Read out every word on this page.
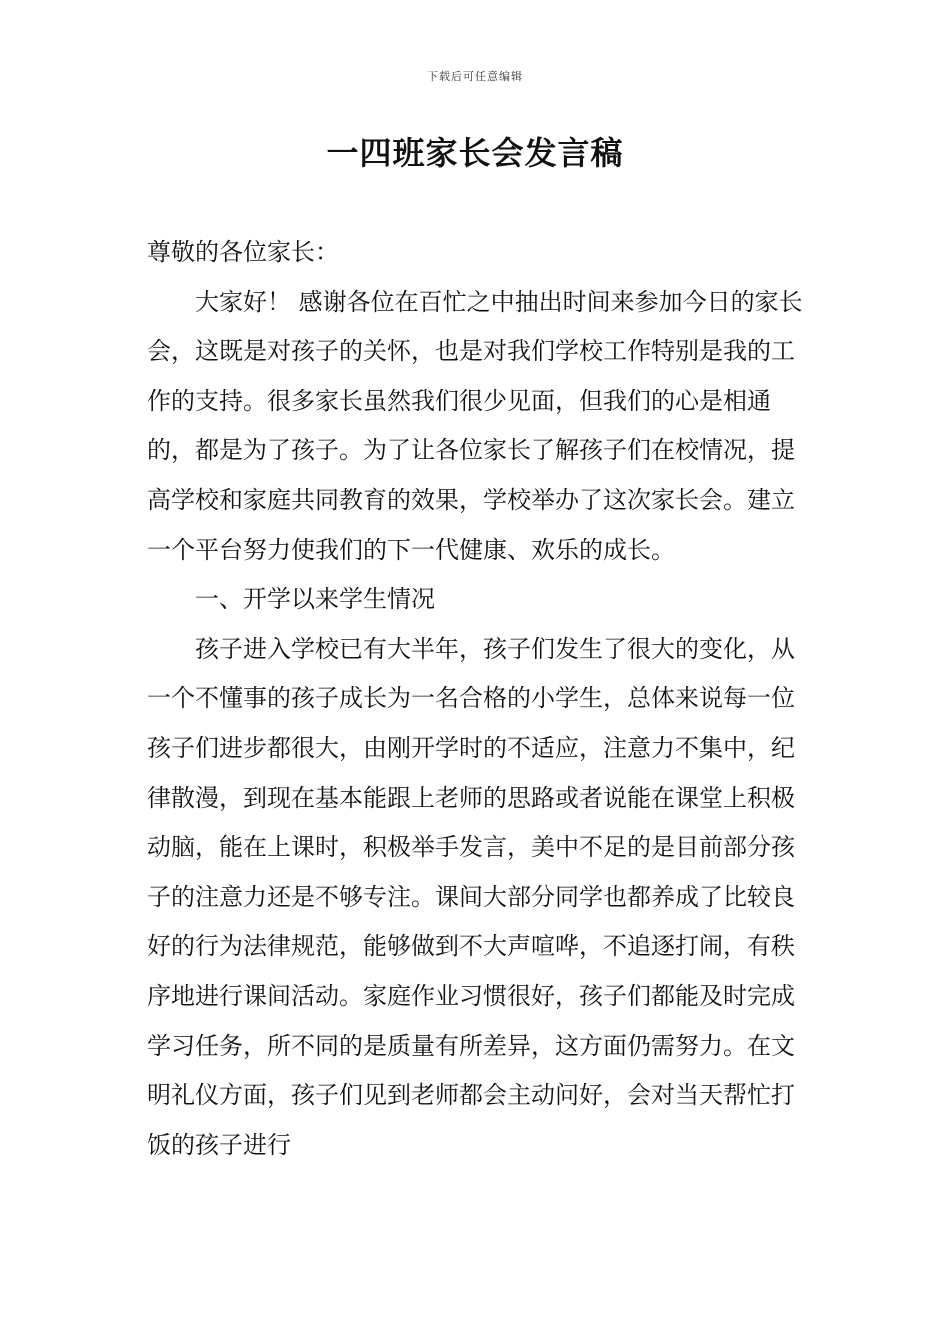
下载后可任意编辑
一四班家长会发言稿

尊敬的各位家长：

大家好！ 感谢各位在百忙之中抽出时间来参加今日的家长会，这既是对孩子的关怀，也是对我们学校工作特别是我的工作的支持。很多家长虽然我们很少见面，但我们的心是相通的，都是为了孩子。为了让各位家长了解孩子们在校情况，提高学校和家庭共同教育的效果，学校举办了这次家长会。建立一个平台努力使我们的下一代健康、欢乐的成长。

一、开学以来学生情况

孩子进入学校已有大半年，孩子们发生了很大的变化，从一个不懂事的孩子成长为一名合格的小学生，总体来说每一位孩子们进步都很大，由刚开学时的不适应，注意力不集中，纪律散漫，到现在基本能跟上老师的思路或者说能在课堂上积极动脑，能在上课时，积极举手发言，美中不足的是目前部分孩子的注意力还是不够专注。课间大部分同学也都养成了比较良好的行为法律规范，能够做到不大声喧哗，不追逐打闹，有秩序地进行课间活动。家庭作业习惯很好，孩子们都能及时完成学习任务，所不同的是质量有所差异，这方面仍需努力。在文明礼仪方面，孩子们见到老师都会主动问好，会对当天帮忙打饭的孩子进行
